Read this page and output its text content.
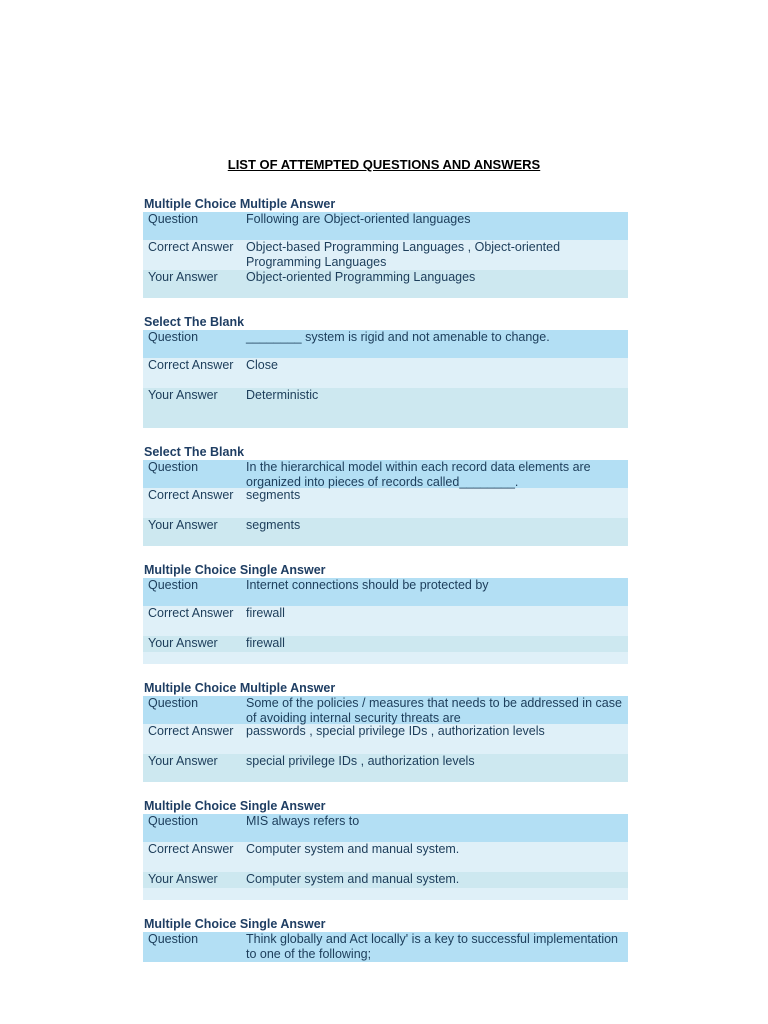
LIST OF ATTEMPTED QUESTIONS AND ANSWERS
Multiple Choice Multiple Answer
Question	Following are Object-oriented languages
Correct Answer	Object-based Programming Languages , Object-oriented Programming Languages
Your Answer	Object-oriented Programming Languages
Select The Blank
Question	________ system is rigid and not amenable to change.
Correct Answer	Close
Your Answer	Deterministic
Select The Blank
Question	In the hierarchical model within each record data elements are organized into pieces of records called________.
Correct Answer	segments
Your Answer	segments
Multiple Choice Single Answer
Question	Internet connections should be protected by
Correct Answer	firewall
Your Answer	firewall
Multiple Choice Multiple Answer
Question	Some of the policies / measures that needs to be addressed in case of avoiding internal security threats are
Correct Answer	passwords , special privilege IDs , authorization levels
Your Answer	special privilege IDs , authorization levels
Multiple Choice Single Answer
Question	MIS always refers to
Correct Answer	Computer system and manual system.
Your Answer	Computer system and manual system.
Multiple Choice Single Answer
Question	Think globally and Act locally' is a key to successful implementation to one of the following;
